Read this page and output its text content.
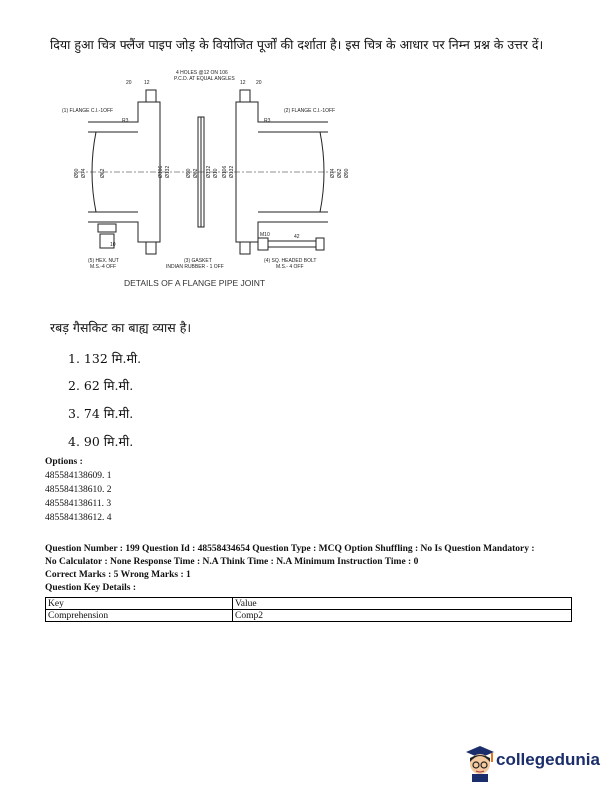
दिया हुआ चित्र फ्लैंज पाइप जोड़ के वियोजित पूर्जों की दर्शाता है। इस चित्र के आधार पर निम्न प्रश्न के उत्तर दें।
4 HOLES @12 ON 106
P.C.D. AT EQUAL ANGLES
(1) FLANGE C.I.-1OFF	(2) FLANGE C.I.-1OFF
20 12	12 20
R3	R3
10
42
M10
Ø90 Ø74	Ø62	Ø106 Ø132	Ø90 Ø62 Ø132 Ø10 Ø106 Ø132	Ø74 Ø62 Ø90
(5) HEX. NUT
M.S.-4 OFF
(3) GASKET
INDIAN RUBBER - 1 OFF
(4) SQ. HEADED BOLT
M.S.- 4 OFF
DETAILS OF A FLANGE PIPE JOINT
रबड़ गैसकिट का बाह्य व्यास है।
1. 132 मि.मी.
2. 62 मि.मी.
3. 74 मि.मी.
4. 90 मि.मी.
Options :
485584138609. 1
485584138610. 2
485584138611. 3
485584138612. 4
Question Number : 199 Question Id : 48558434654 Question Type : MCQ Option Shuffling : No Is Question Mandatory :
No Calculator : None Response Time : N.A Think Time : N.A Minimum Instruction Time : 0
Correct Marks : 5 Wrong Marks : 1
Question Key Details :
Key	Value
Comprehension	Comp2
collegedunia
